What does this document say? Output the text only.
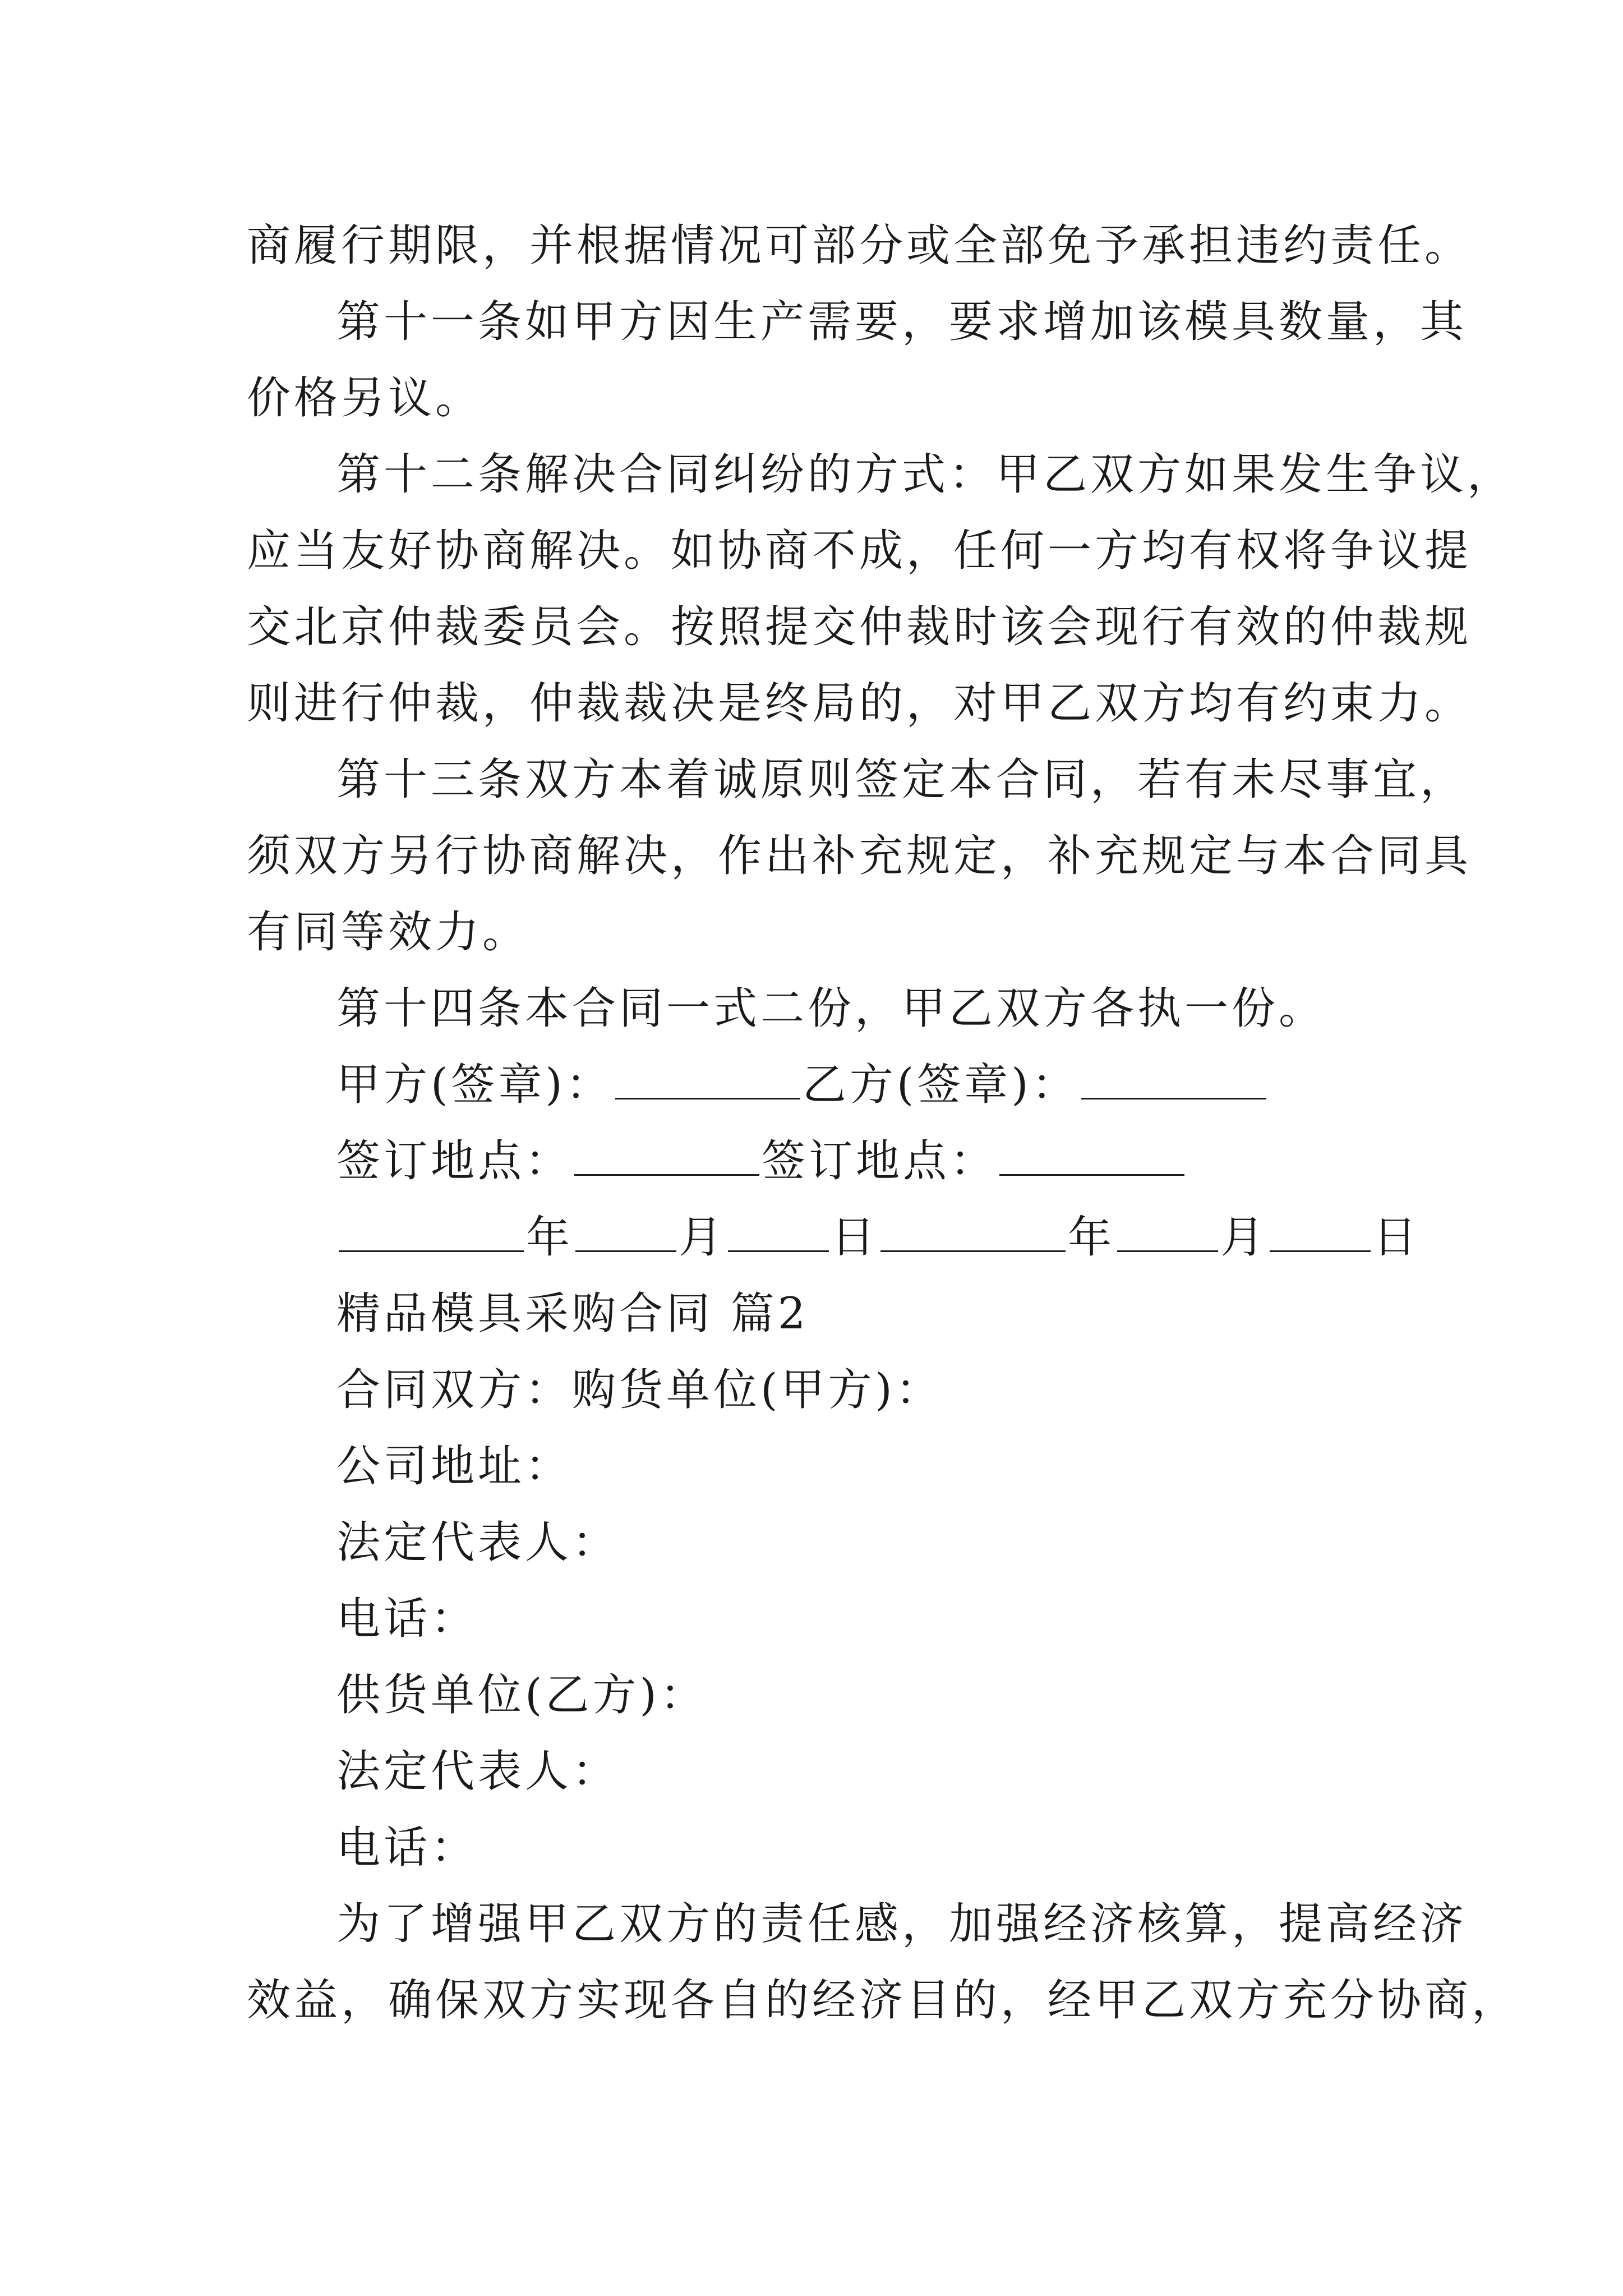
商履行期限，并根据情况可部分或全部免予承担违约责任。
第十一条如甲方因生产需要，要求增加该模具数量，其
价格另议。
第十二条解决合同纠纷的方式：甲乙双方如果发生争议，
应当友好协商解决。如协商不成，任何一方均有权将争议提
交北京仲裁委员会。按照提交仲裁时该会现行有效的仲裁规
则进行仲裁，仲裁裁决是终局的，对甲乙双方均有约束力。
第十三条双方本着诚原则签定本合同，若有未尽事宜，
须双方另行协商解决，作出补充规定，补充规定与本合同具
有同等效力。
第十四条本合同一式二份，甲乙双方各执一份。
甲方(签章)：	乙方(签章)：
签订地点：	签订地点：
年 月 日	年 月 日
精品模具采购合同 篇2
合同双方：购货单位(甲方)：
公司地址：
法定代表人：
电话：
供货单位(乙方)：
法定代表人：
电话：
为了增强甲乙双方的责任感，加强经济核算，提高经济
效益，确保双方实现各自的经济目的，经甲乙双方充分协商，
